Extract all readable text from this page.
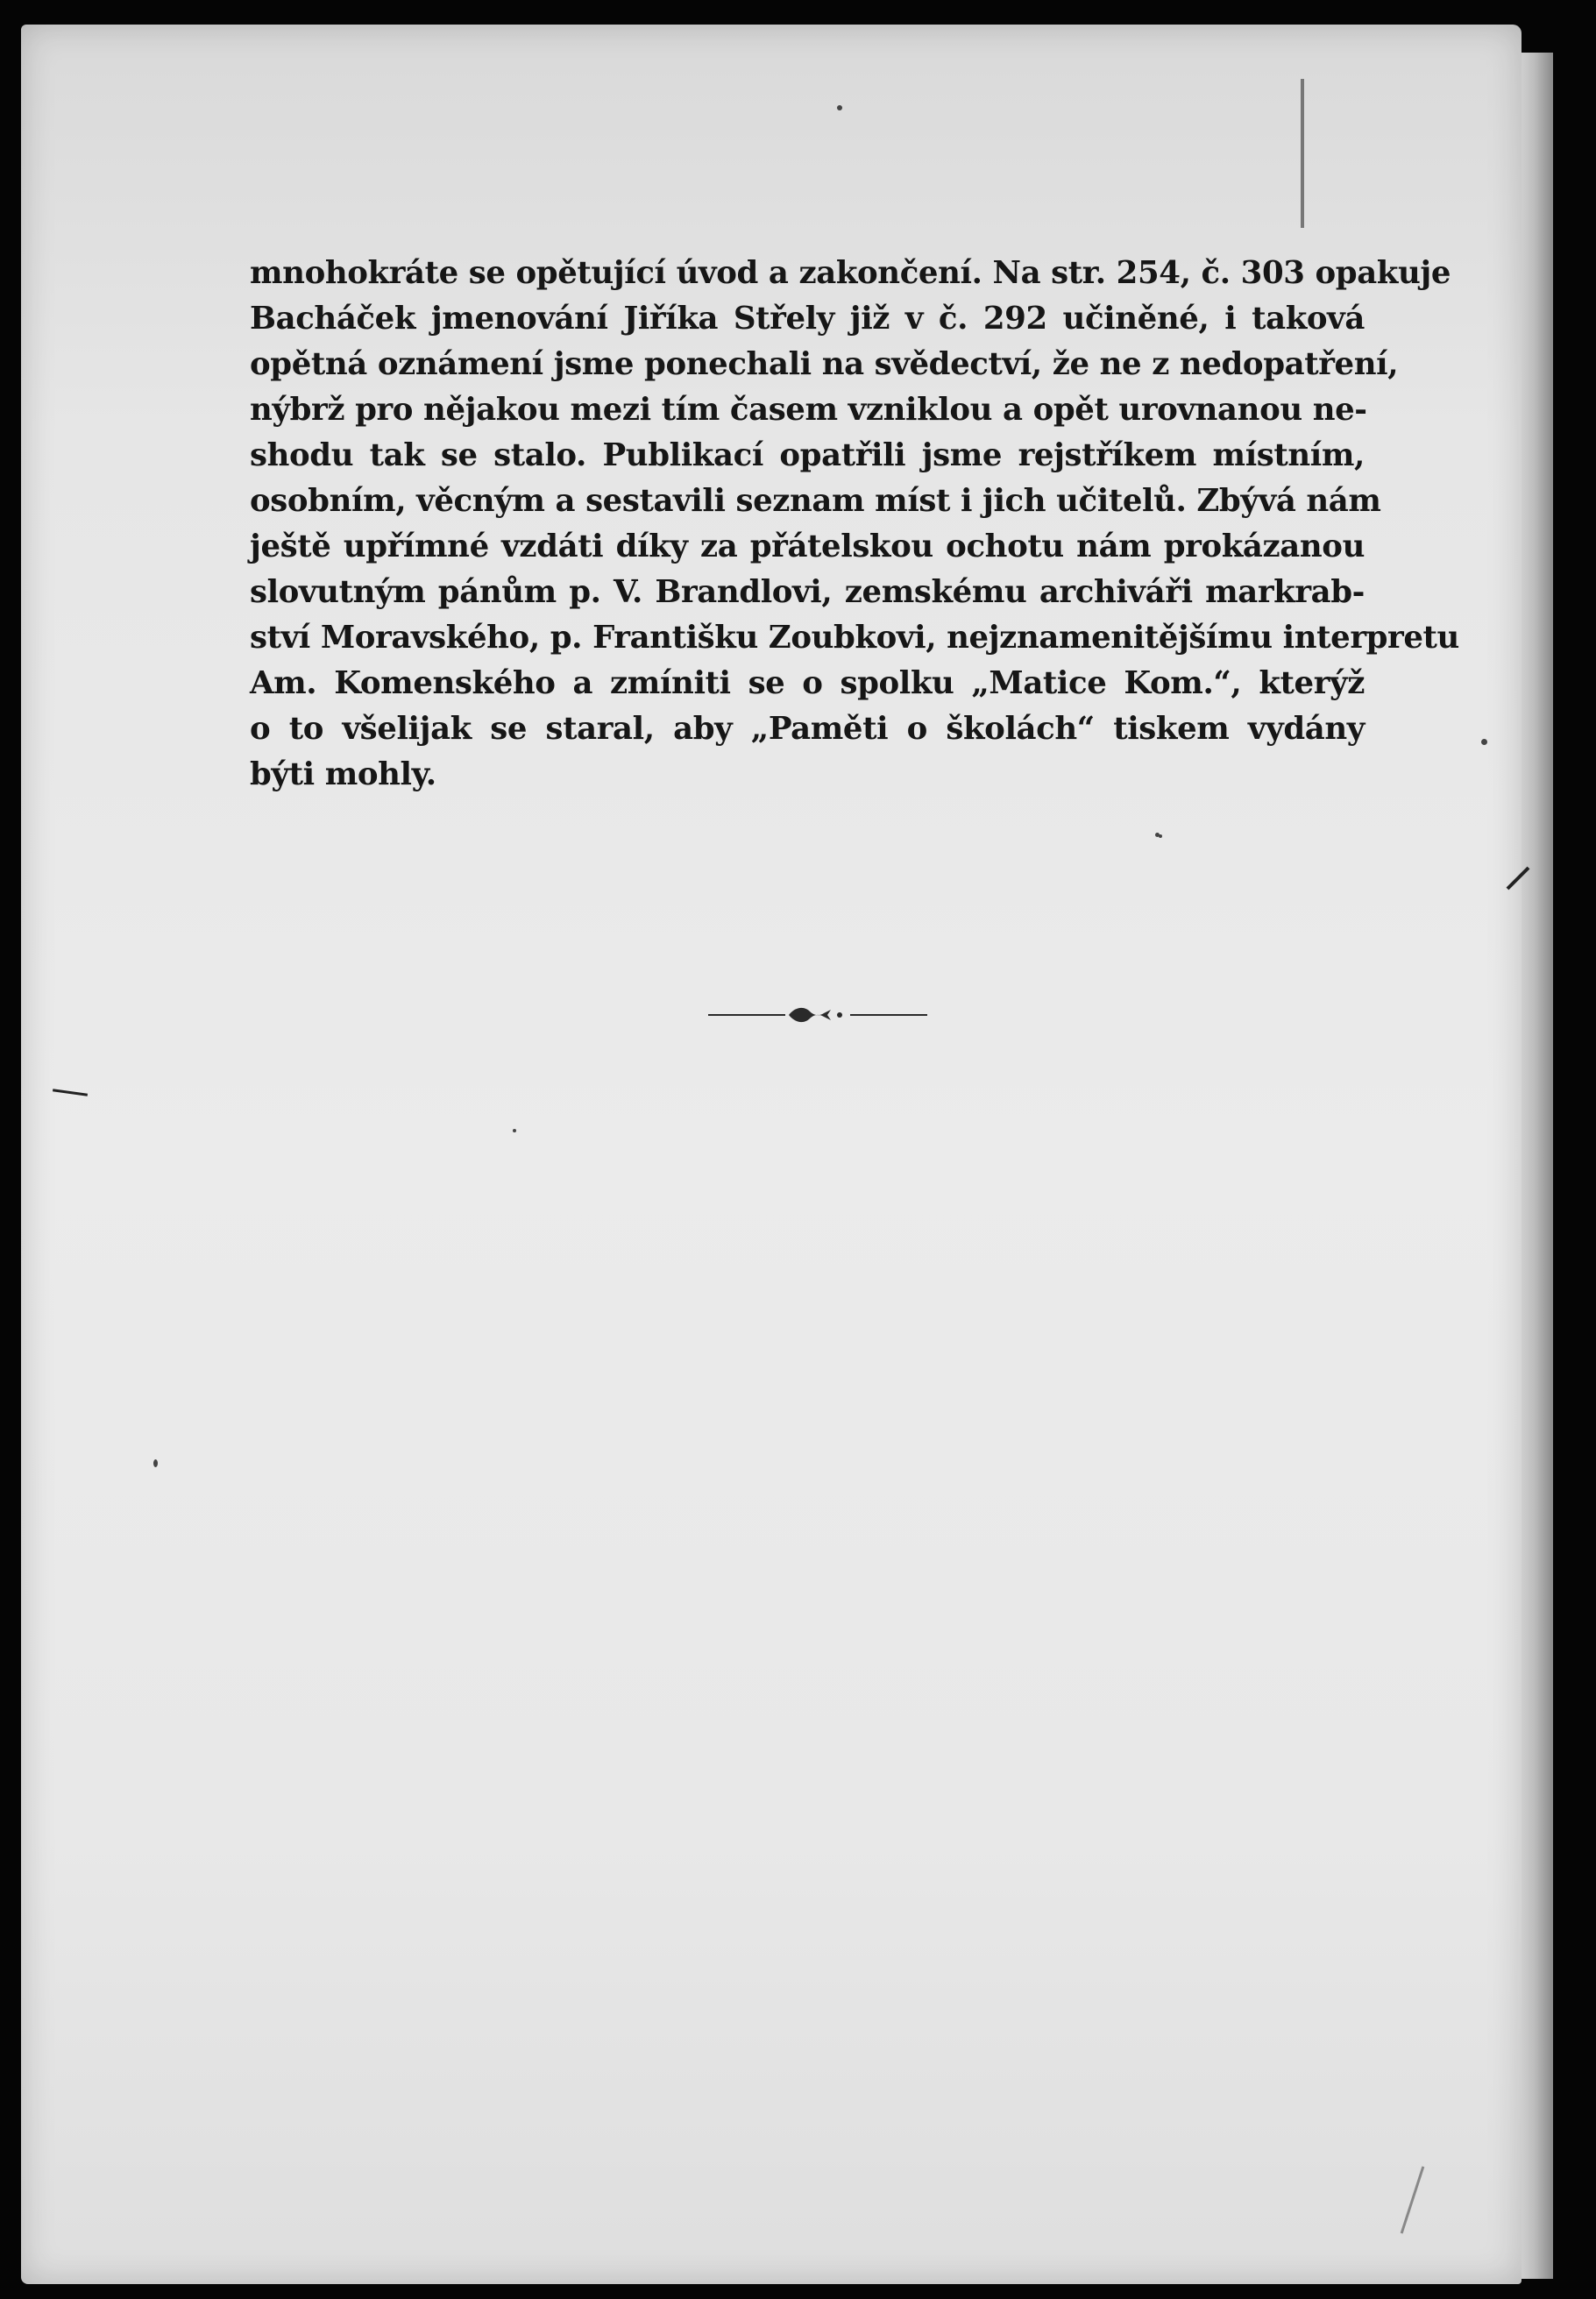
mnohokráte se opětující úvod a zakončení. Na str. 254, č. 303 opakuje
Bacháček jmenování Jiříka Střely již v č. 292 učiněné, i taková
opětná oznámení jsme ponechali na svědectví, že ne z nedopatření,
nýbrž pro nějakou mezi tím časem vzniklou a opět urovnanou ne-
shodu tak se stalo. Publikací opatřili jsme rejstříkem místním,
osobním, věcným a sestavili seznam míst i jich učitelů. Zbývá nám
ještě upřímné vzdáti díky za přátelskou ochotu nám prokázanou
slovutným pánům p. V. Brandlovi, zemskému archiváři markrab-
ství Moravského, p. Františku Zoubkovi, nejznamenitějšímu interpretu
Am. Komenského a zmíniti se o spolku „Matice Kom.“, kterýž
o to všelijak se staral, aby „Paměti o školách“ tiskem vydány
býti mohly.
